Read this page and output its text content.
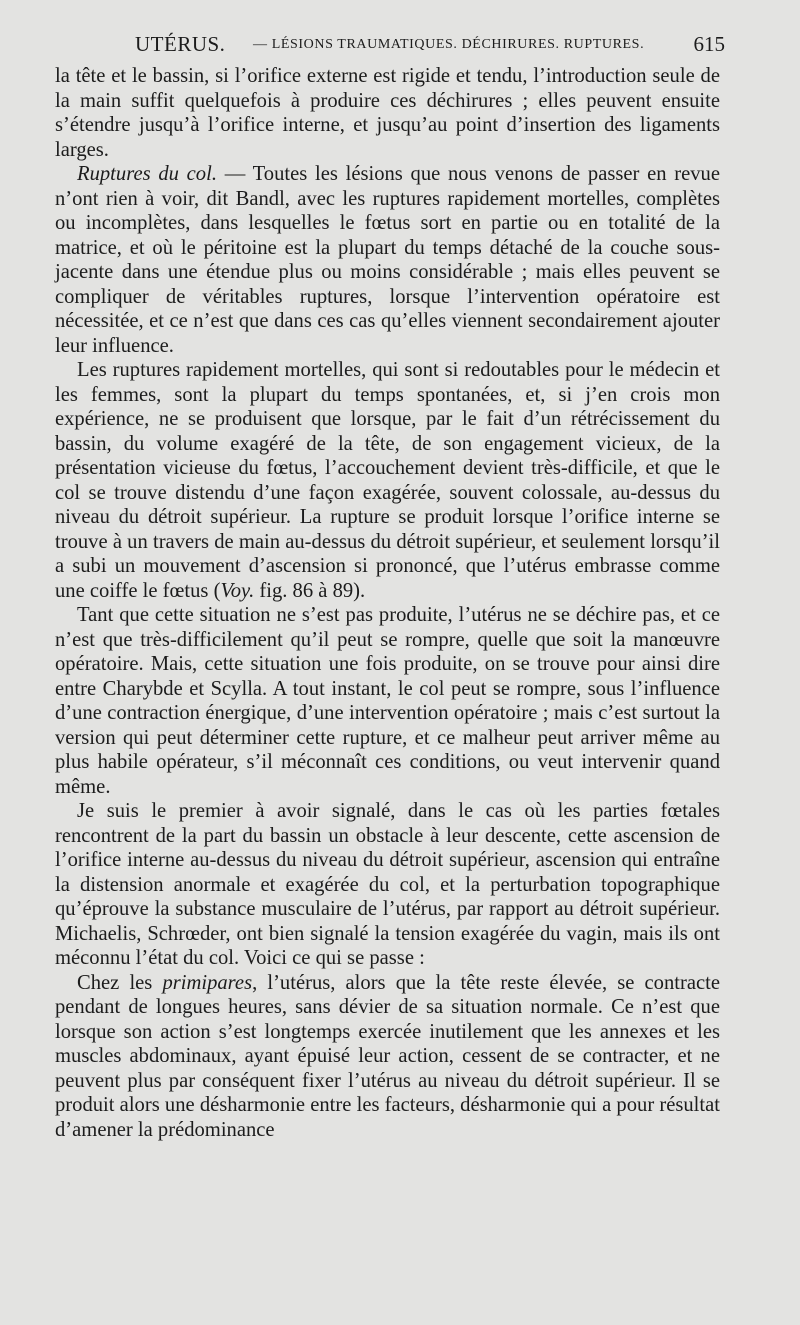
UTÉRUS. — LÉSIONS TRAUMATIQUES. DÉCHIRURES. RUPTURES. 615

la tête et le bassin, si l’orifice externe est rigide et tendu, l’introduction seule de la main suffit quelquefois à produire ces déchirures ; elles peuvent ensuite s’étendre jusqu’à l’orifice interne, et jusqu’au point d’insertion des ligaments larges.

Ruptures du col. — Toutes les lésions que nous venons de passer en revue n’ont rien à voir, dit Bandl, avec les ruptures rapidement mortelles, complètes ou incomplètes, dans lesquelles le fœtus sort en partie ou en totalité de la matrice, et où le péritoine est la plupart du temps détaché de la couche sous-jacente dans une étendue plus ou moins considérable ; mais elles peuvent se compliquer de véritables ruptures, lorsque l’intervention opératoire est nécessitée, et ce n’est que dans ces cas qu’elles viennent secondairement ajouter leur influence.

Les ruptures rapidement mortelles, qui sont si redoutables pour le médecin et les femmes, sont la plupart du temps spontanées, et, si j’en crois mon expérience, ne se produisent que lorsque, par le fait d’un rétrécissement du bassin, du volume exagéré de la tête, de son engagement vicieux, de la présentation vicieuse du fœtus, l’accouchement devient très-difficile, et que le col se trouve distendu d’une façon exagérée, souvent colossale, au-dessus du niveau du détroit supérieur. La rupture se produit lorsque l’orifice interne se trouve à un travers de main au-dessus du détroit supérieur, et seulement lorsqu’il a subi un mouvement d’ascension si prononcé, que l’utérus embrasse comme une coiffe le fœtus (Voy. fig. 86 à 89).

Tant que cette situation ne s’est pas produite, l’utérus ne se déchire pas, et ce n’est que très-difficilement qu’il peut se rompre, quelle que soit la manœuvre opératoire. Mais, cette situation une fois produite, on se trouve pour ainsi dire entre Charybde et Scylla. A tout instant, le col peut se rompre, sous l’influence d’une contraction énergique, d’une intervention opératoire ; mais c’est surtout la version qui peut déterminer cette rupture, et ce malheur peut arriver même au plus habile opérateur, s’il méconnaît ces conditions, ou veut intervenir quand même.

Je suis le premier à avoir signalé, dans le cas où les parties fœtales rencontrent de la part du bassin un obstacle à leur descente, cette ascension de l’orifice interne au-dessus du niveau du détroit supérieur, ascension qui entraîne la distension anormale et exagérée du col, et la perturbation topographique qu’éprouve la substance musculaire de l’utérus, par rapport au détroit supérieur. Michaelis, Schrœder, ont bien signalé la tension exagérée du vagin, mais ils ont méconnu l’état du col. Voici ce qui se passe :

Chez les primipares, l’utérus, alors que la tête reste élevée, se contracte pendant de longues heures, sans dévier de sa situation normale. Ce n’est que lorsque son action s’est longtemps exercée inutilement que les annexes et les muscles abdominaux, ayant épuisé leur action, cessent de se contracter, et ne peuvent plus par conséquent fixer l’utérus au niveau du détroit supérieur. Il se produit alors une désharmonie entre les facteurs, désharmonie qui a pour résultat d’amener la prédominance
